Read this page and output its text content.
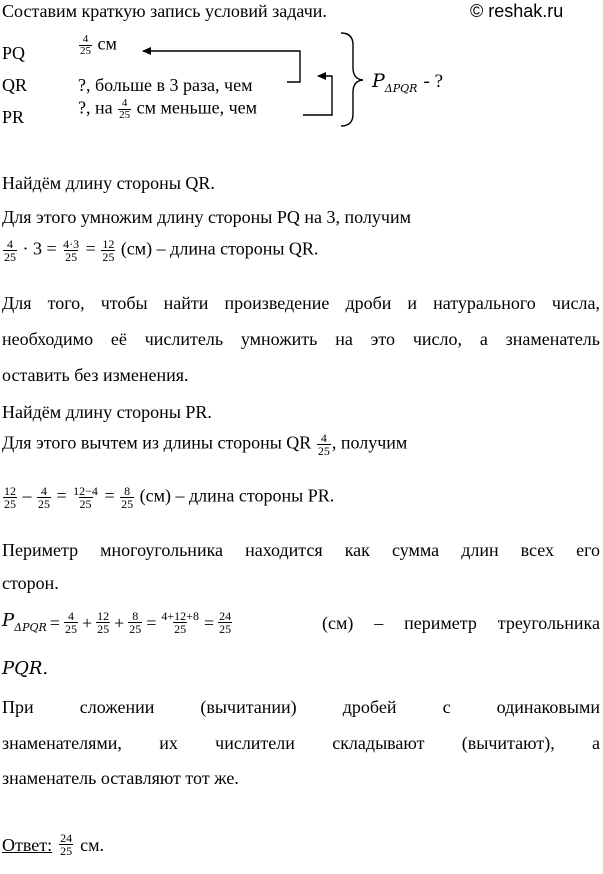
Составим краткую запись условий задачи.	© reshak.ru
PQ	$\frac{4}{25}$ см
QR	?, больше в 3 раза, чем
PR	?, на $\frac{4}{25}$ см меньше, чем
$P_{\Delta PQR}$ - ?
Найдём длину стороны QR.
Для этого умножим длину стороны PQ на 3, получим
$\frac{4}{25} \cdot 3 = \frac{4\cdot 3}{25} = \frac{12}{25} (см)$ – длина стороны QR.
Для того, чтобы найти произведение дроби и натурального числа,
необходимо её числитель умножить на это число, а знаменатель
оставить без изменения.
Найдём длину стороны PR.
Для этого вычтем из длины стороны QR $\frac{4}{25}$ , получим
$\frac{12}{25} - \frac{4}{25} = \frac{12-4}{25} = \frac{8}{25} (см)$ – длина стороны PR.
Периметр многоугольника находится как сумма длин всех его
сторон.
$P_{\Delta PQR} = \frac{4}{25} + \frac{12}{25} + \frac{8}{25} = \frac{4+12+8}{25} = \frac{24}{25}$	(см) – периметр треугольника
PQR.
При сложении (вычитании) дробей с одинаковыми
знаменателями, их числители складывают (вычитают), а
знаменатель оставляют тот же.
Ответ: $\frac{24}{25}$ см.
